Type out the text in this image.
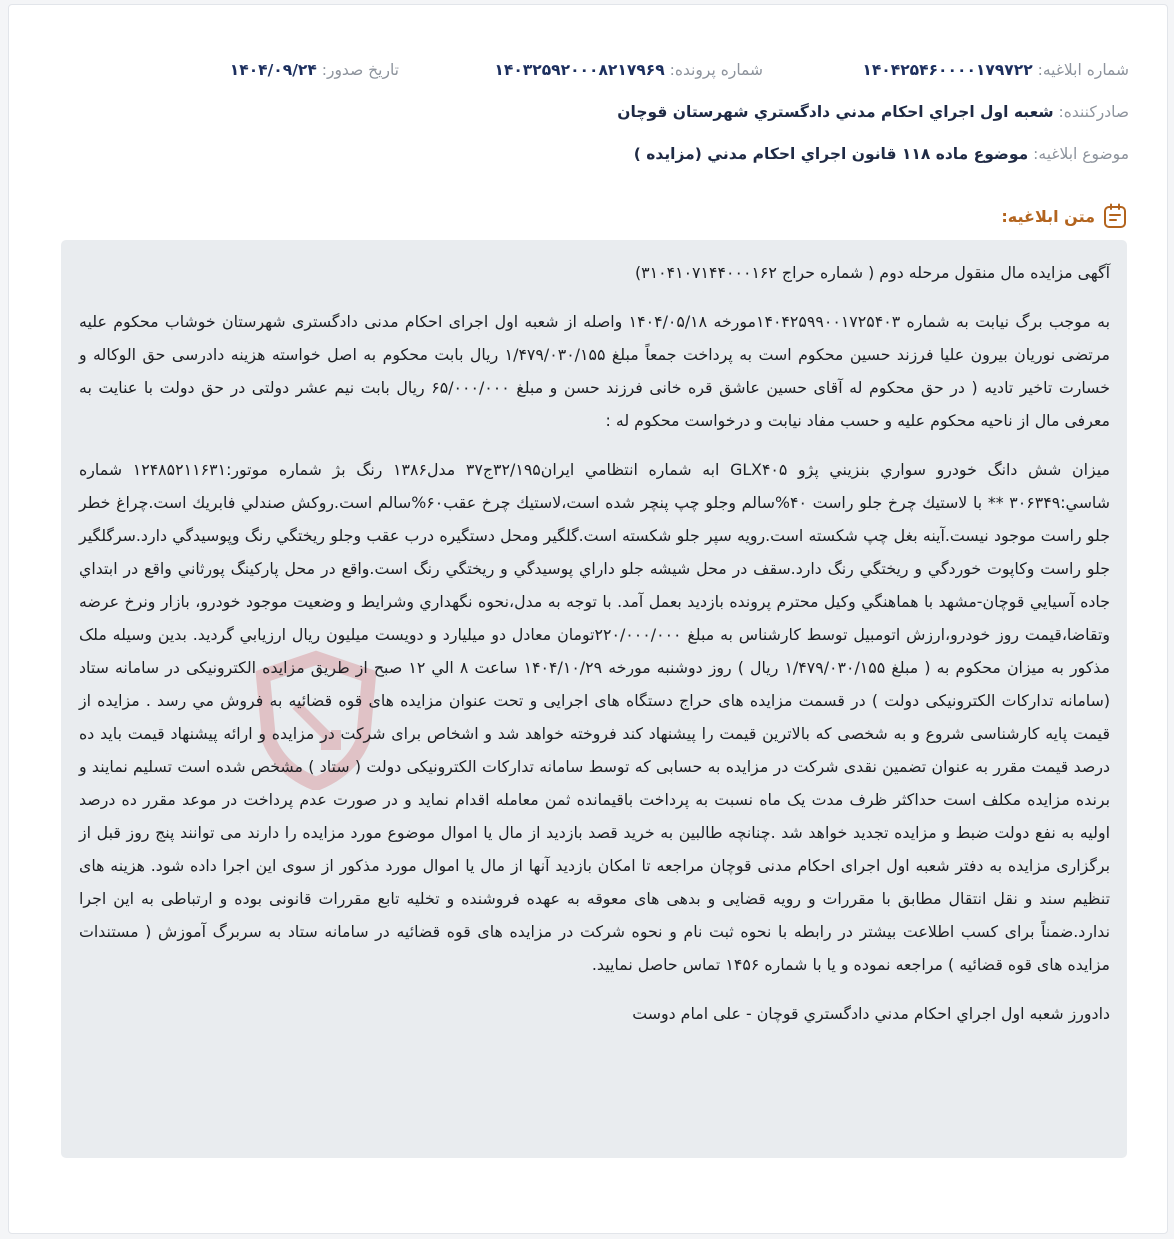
شماره ابلاغیه: ۱۴۰۴۲۵۴۶۰۰۰۰۱۷۹۷۲۲
شماره پرونده: ۱۴۰۳۲۵۹۲۰۰۰۸۲۱۷۹۶۹
تاریخ صدور: ۱۴۰۴/۰۹/۲۴
صادرکننده: شعبه اول اجراي احكام مدني دادگستري شهرستان قوچان
موضوع ابلاغیه: موضوع ماده ۱۱۸ قانون اجراي احكام مدني (مزايده )
متن ابلاغیه:

آگهی مزایده مال منقول مرحله دوم ( شماره حراج ۳۱۰۴۱۰۷۱۴۴۰۰۰۱۶۲)

به موجب برگ نیابت به شماره ۱۴۰۴۲۵۹۹۰۰۱۷۲۵۴۰۳مورخه ۱۴۰۴/۰۵/۱۸ واصله از شعبه اول اجرای احکام مدنی دادگستری شهرستان خوشاب محکوم علیه مرتضی نوریان بیرون علیا فرزند حسین محکوم است به پرداخت جمعاً مبلغ ۱/۴۷۹/۰۳۰/۱۵۵ ریال بابت محکوم به اصل خواسته هزینه دادرسی حق الوکاله و خسارت تاخیر تادیه ( در حق محکوم له آقای حسین عاشق قره خانی فرزند حسن و مبلغ ۶۵/۰۰۰/۰۰۰ ریال بابت نیم عشر دولتی در حق دولت با عنایت به معرفی مال از ناحیه محکوم علیه و حسب مفاد نیابت و درخواست محکوم له :

میزان شش دانگ خودرو سواري بنزيني پژو GLX۴۰۵ ابه شماره انتظامي ايران۳۲/۱۹۵ج۳۷ مدل۱۳۸۶ رنگ بژ شماره موتور:۱۲۴۸۵۲۱۱۶۳۱ شماره شاسي:۳۰۶۳۴۹ ** با لاستيك چرخ جلو راست ۴۰%سالم وجلو چپ پنچر شده است،لاستيك چرخ عقب۶۰%سالم است.روكش صندلي فابريك است.چراغ خطر جلو راست موجود نيست.آينه بغل چپ شكسته است.رويه سپر جلو شكسته است.گلگير ومحل دستگيره درب عقب وجلو ريختگي رنگ وپوسيدگي دارد.سرگلگير جلو راست وكاپوت خوردگي و ريختگي رنگ دارد.سقف در محل شيشه جلو داراي پوسيدگي و ريختگي رنگ است.واقع در محل پاركينگ پورثاني واقع در ابتداي جاده آسيايي قوچان-مشهد با هماهنگي وكيل محترم پرونده بازديد بعمل آمد. با توجه به مدل،نحوه نگهداري وشرايط و وضعيت موجود خودرو، بازار ونرخ عرضه وتقاضا،قيمت روز خودرو،ارزش اتومبيل توسط كارشناس به مبلغ ۲۲۰/۰۰۰/۰۰۰تومان معادل دو ميليارد و دويست ميليون ريال ارزيابي گرديد. بدین وسیله ملک مذکور به میزان محکوم به ( مبلغ ۱/۴۷۹/۰۳۰/۱۵۵ ریال ) روز دوشنبه مورخه ۱۴۰۴/۱۰/۲۹ ساعت ۸ الي ۱۲ صبح از طریق مزایده الکترونیکی در سامانه ستاد (سامانه تدارکات الکترونیکی دولت ) در قسمت مزایده های حراج دستگاه های اجرایی و تحت عنوان مزایده های قوه قضائیه به فروش مي رسد . مزایده از قیمت پایه کارشناسی شروع و به شخصی که بالاترین قیمت را پیشنهاد کند فروخته خواهد شد و اشخاص برای شرکت در مزایده و ارائه پیشنهاد قیمت باید ده درصد قیمت مقرر به عنوان تضمین نقدی شرکت در مزایده به حسابی که توسط سامانه تدارکات الکترونیکی دولت ( ستاد ) مشخص شده است تسلیم نمایند و برنده مزایده مکلف است حداکثر ظرف مدت یک ماه نسبت به پرداخت باقیمانده ثمن معامله اقدام نماید و در صورت عدم پرداخت در موعد مقرر ده درصد اولیه به نفع دولت ضبط و مزایده تجدید خواهد شد .چنانچه طالبین به خرید قصد بازدید از مال یا اموال موضوع مورد مزایده را دارند می توانند پنج روز قبل از برگزاری مزایده به دفتر شعبه اول اجرای احکام مدنی قوچان مراجعه تا امکان بازدید آنها از مال یا اموال مورد مذکور از سوی این اجرا داده شود. هزینه های تنظیم سند و نقل انتقال مطابق با مقررات و رویه قضایی و بدهی های معوقه به عهده فروشنده و تخلیه تابع مقررات قانونی بوده و ارتباطی به این اجرا ندارد.ضمناً برای کسب اطلاعت بیشتر در رابطه با نحوه ثبت نام و نحوه شرکت در مزایده های قوه قضائیه در سامانه ستاد به سربرگ آموزش ( مستندات مزایده های قوه قضائیه ) مراجعه نموده و یا با شماره ۱۴۵۶ تماس حاصل نمایید.

دادورز شعبه اول اجراي احكام مدني دادگستري قوچان - علی امام دوست
